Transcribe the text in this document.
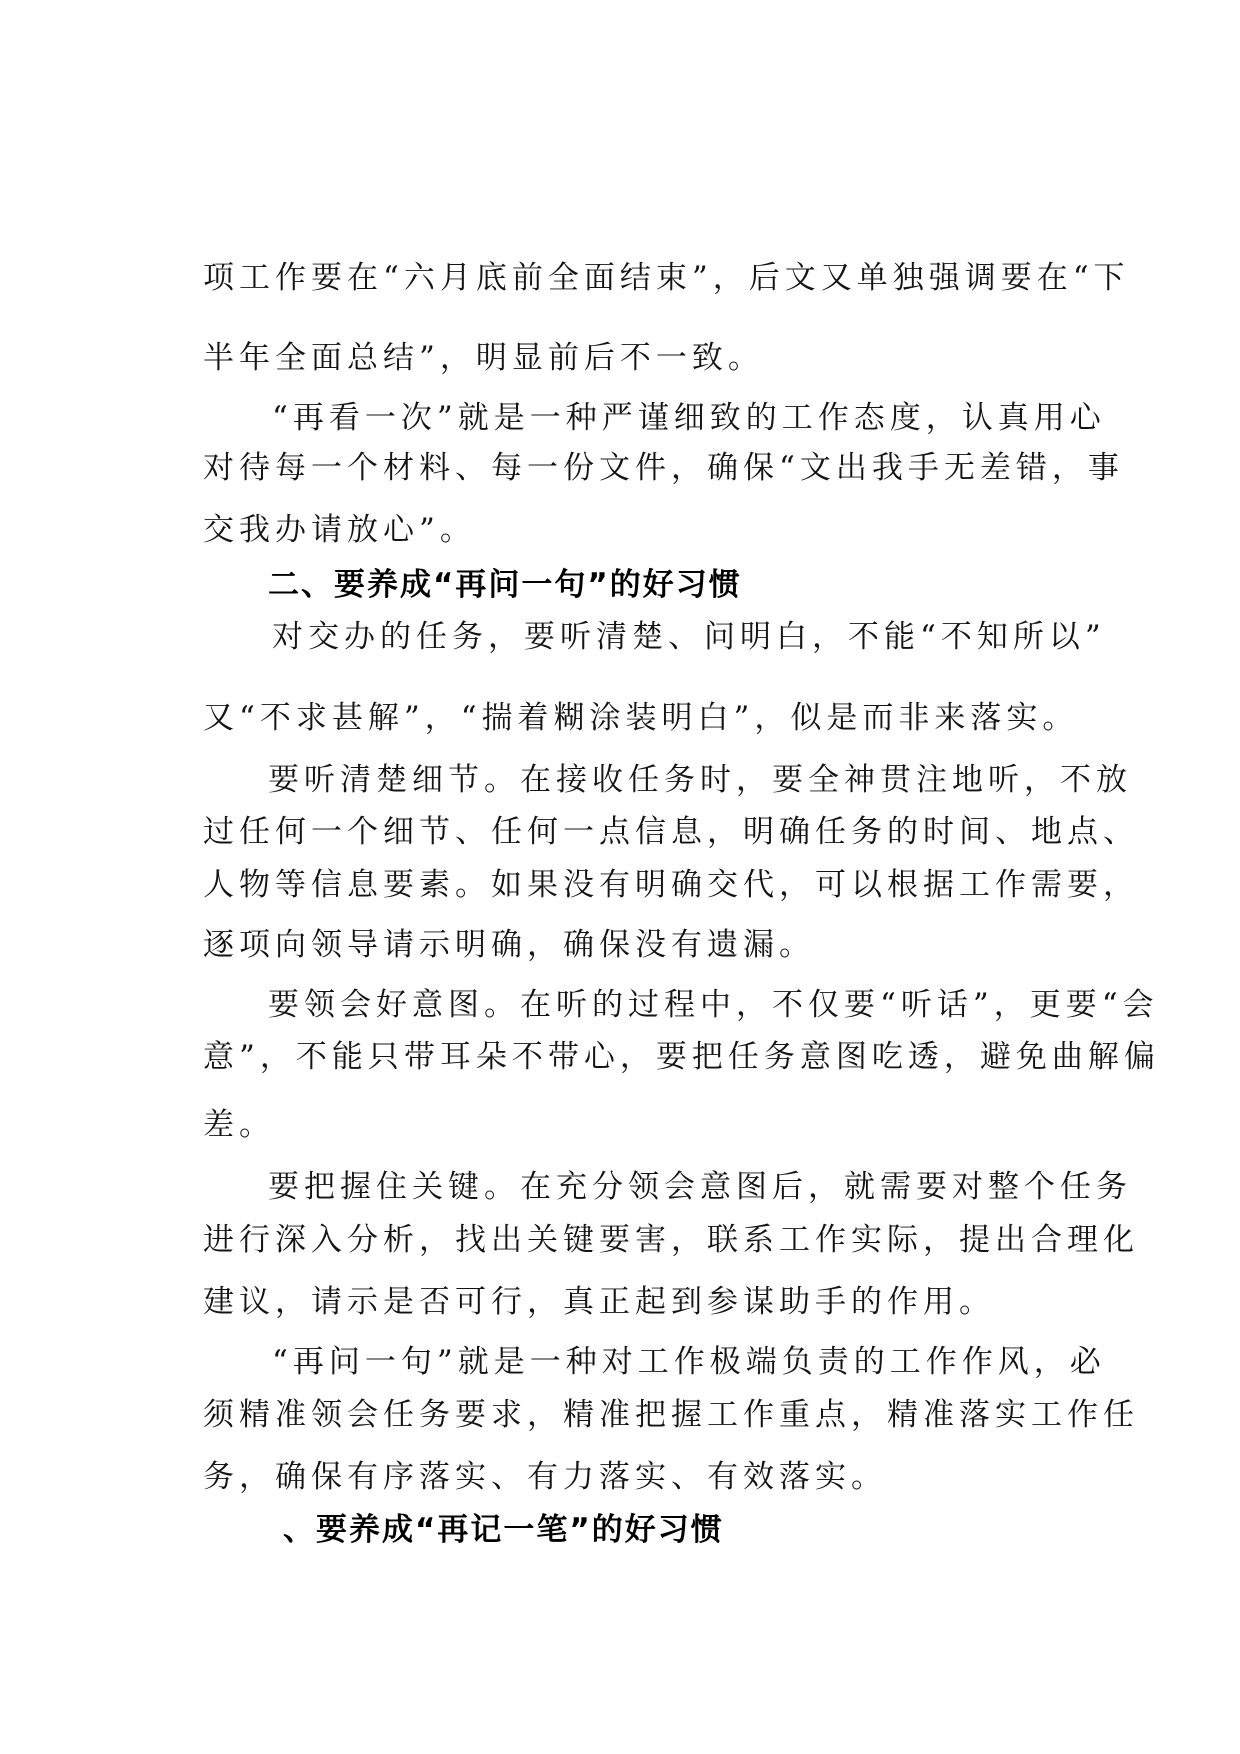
项工作要在“六月底前全面结束”，后文又单独强调要在“下
半年全面总结”，明显前后不一致。
“再看一次”就是一种严谨细致的工作态度，认真用心
对待每一个材料、每一份文件，确保“文出我手无差错，事
交我办请放心”。
二、要养成“再问一句”的好习惯
对交办的任务，要听清楚、问明白，不能“不知所以”
又“不求甚解”，“揣着糊涂装明白”，似是而非来落实。
要听清楚细节。在接收任务时，要全神贯注地听，不放
过任何一个细节、任何一点信息，明确任务的时间、地点、
人物等信息要素。如果没有明确交代，可以根据工作需要，
逐项向领导请示明确，确保没有遗漏。
要领会好意图。在听的过程中，不仅要“听话”，更要“会
意”，不能只带耳朵不带心，要把任务意图吃透，避免曲解偏
差。
要把握住关键。在充分领会意图后，就需要对整个任务
进行深入分析，找出关键要害，联系工作实际，提出合理化
建议，请示是否可行，真正起到参谋助手的作用。
“再问一句”就是一种对工作极端负责的工作作风，必
须精准领会任务要求，精准把握工作重点，精准落实工作任
务，确保有序落实、有力落实、有效落实。
、要养成“再记一笔”的好习惯
